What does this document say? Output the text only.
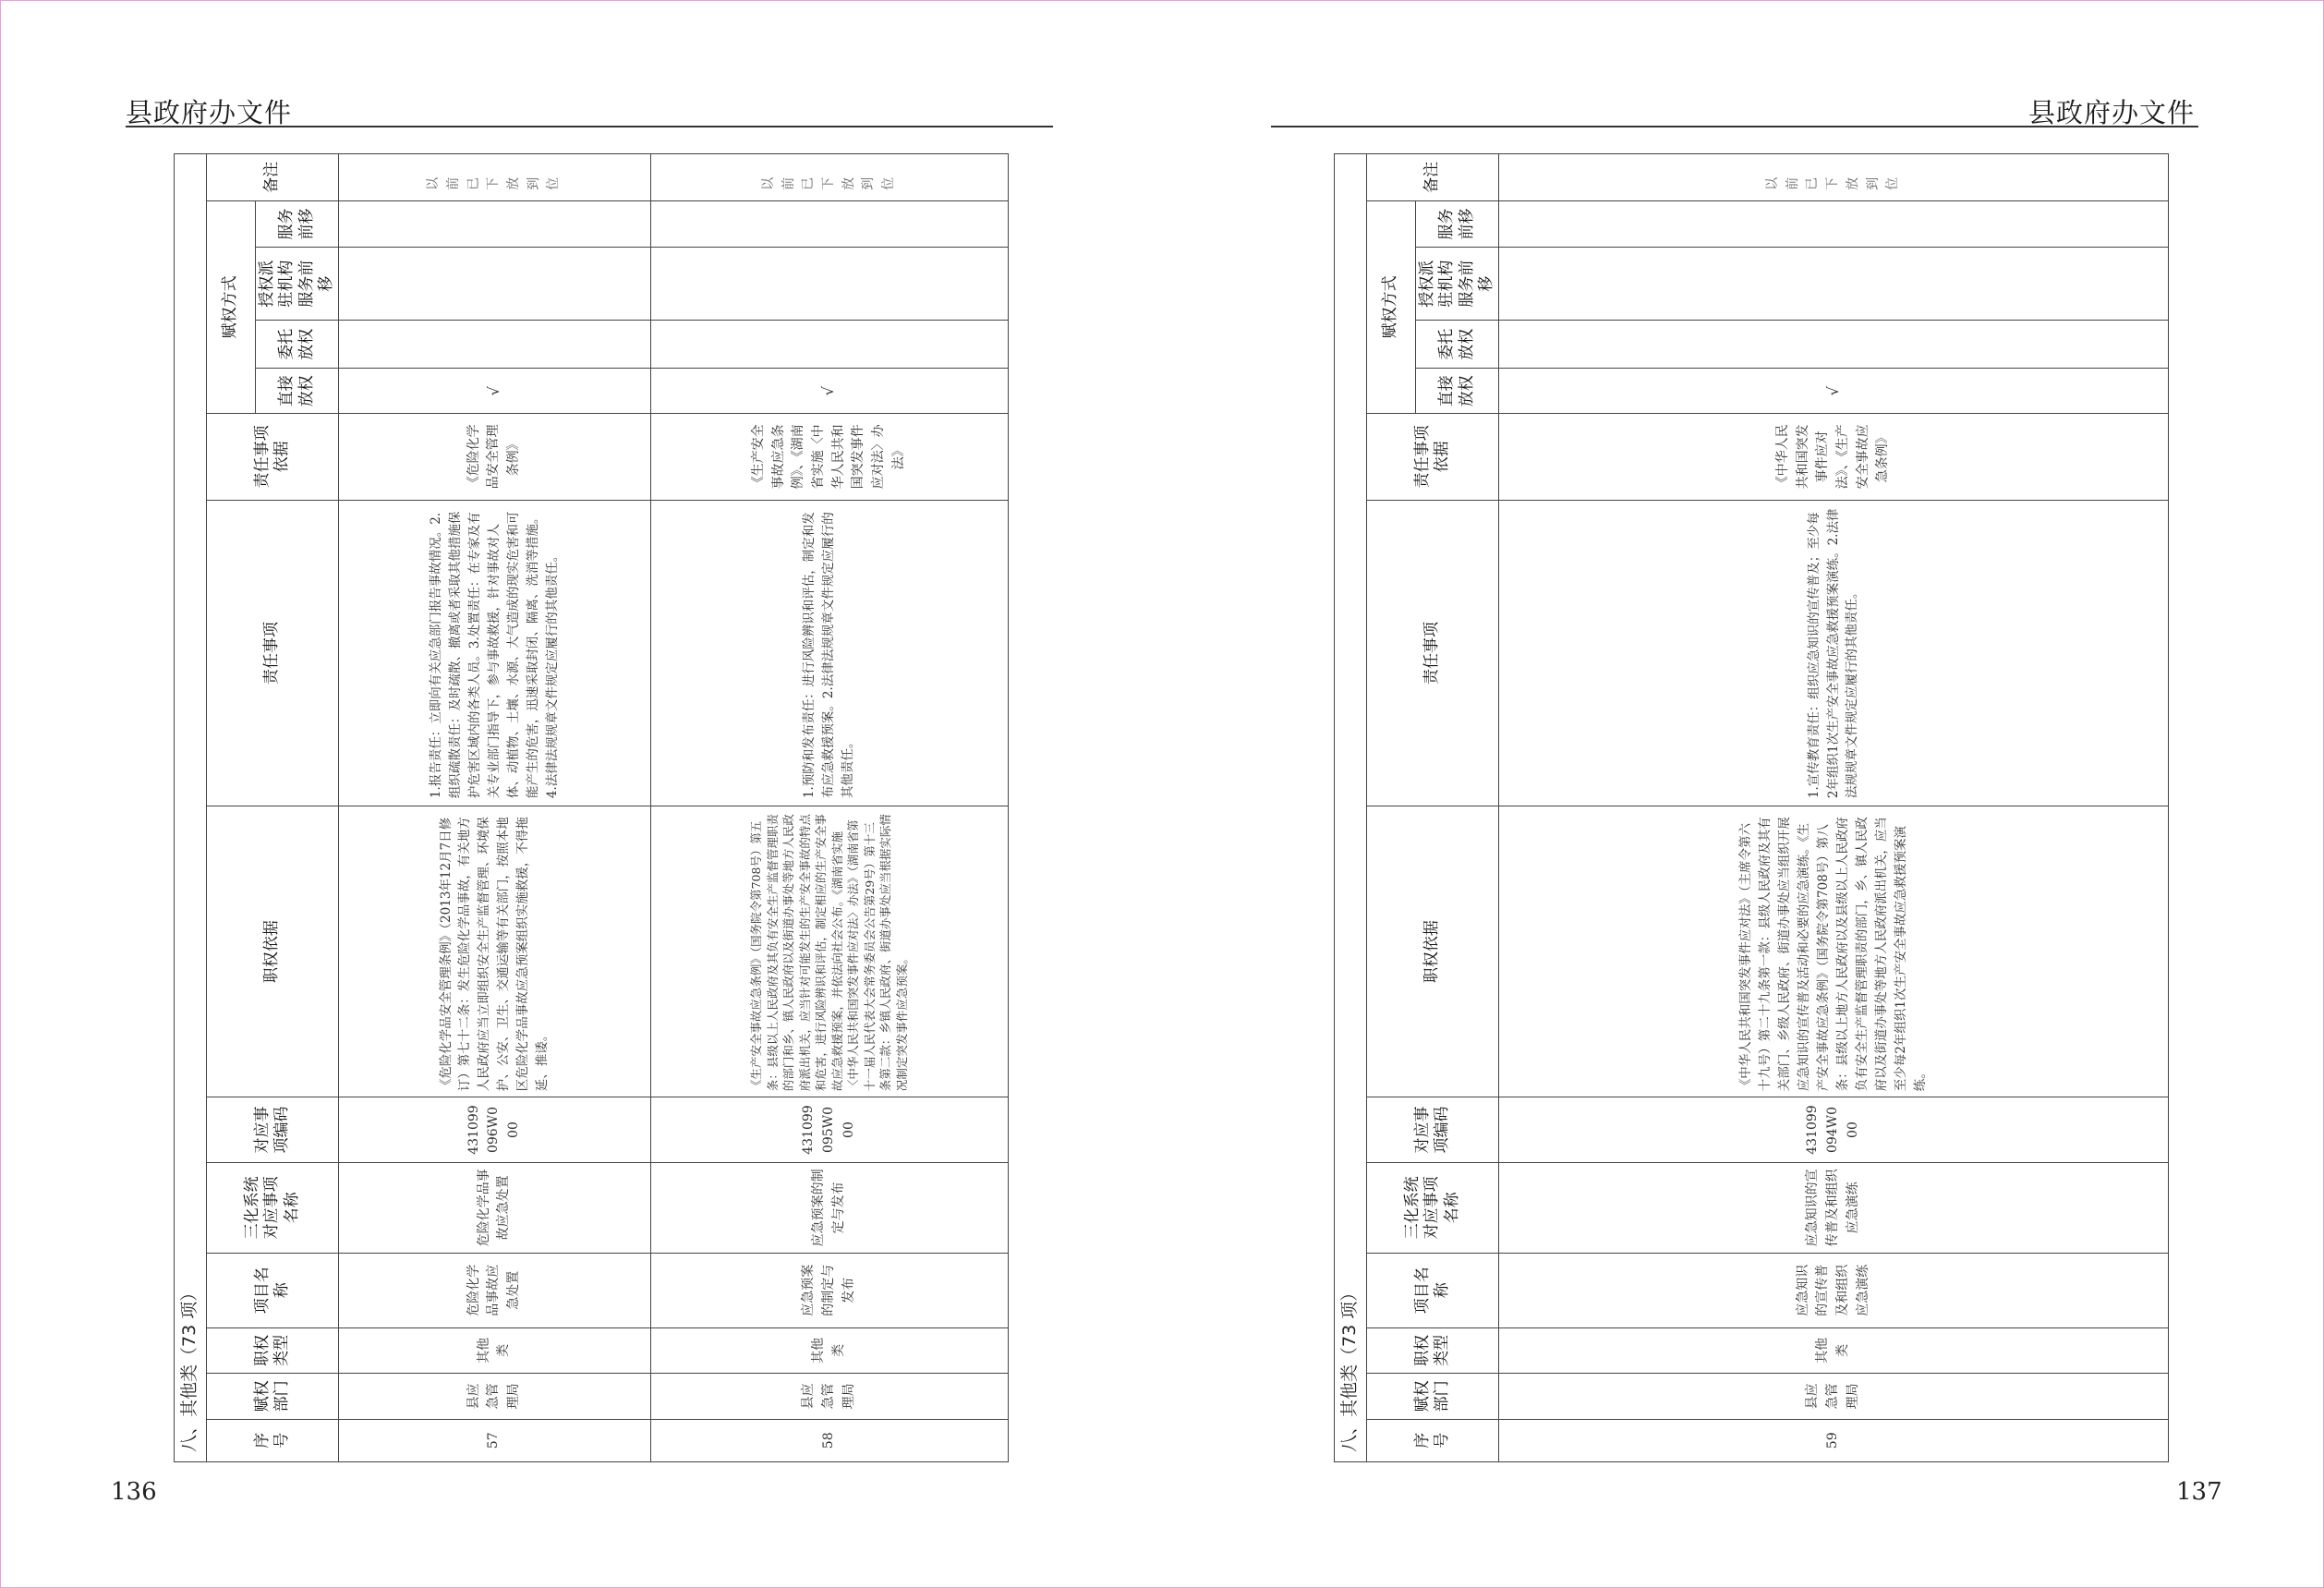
县政府办文件
八、其他类（73 项）													
序号	赋权部门	职权类型	项目名称	三化系统对应事项名称	对应事项编码	职权依据	责任事项	责任事项依据	赋权方式				备注
									直接放权	委托放权	授权派驻机构服务前移	服务前移	
57	县应急管理局	其他类	危险化学品事故应急处置	危险化学品事故应急处置	431099096W000	《危险化学品安全管理条例》（2013年12月7日修订）第七十二条：发生危险化学品事故，有关地方人民政府应当立即组织安全生产监督管理、环境保护、公安、卫生、交通运输等有关部门，按照本地区危险化学品事故应急预案组织实施救援，不得拖延、推诿。	1.报告责任：立即向有关应急部门报告事故情况。2.组织疏散责任：及时疏散、撤离或者采取其他措施保护危害区域内的各类人员。3.处置责任：在专家及有关专业部门指导下，参与事故救援，针对事故对人体、动植物、土壤、水源、大气造成的现实危害和可能产生的危害，迅速采取封闭、隔离、洗消等措施。4.法律法规规章文件规定应履行的其他责任。	《危险化学品安全管理条例》	√				以前已下放到位
58	县应急管理局	其他类	应急预案的制定与发布	应急预案的制定与发布	431099095W000	《生产安全事故应急条例》（国务院令第708号）第五条：县级以上人民政府及其负有安全生产监督管理职责的部门和乡、镇人民政府以及街道办事处等地方人民政府派出机关，应当针对可能发生的生产安全事故的特点和危害，进行风险辨识和评估，制定相应的生产安全事故应急救援预案，并依法向社会公布。《湖南省实施〈中华人民共和国突发事件应对法〉办法》（湖南省第十一届人民代表大会常务委员会公告第29号）第十三条第二款：乡镇人民政府、街道办事处应当根据实际情况制定突发事件应急预案。	1.预防和发布责任：进行风险辨识和评估，制定和发布应急救援预案。2.法律法规规章文件规定应履行的其他责任。	《生产安全事故应急条例》、《湖南省实施〈中华人民共和国突发事件应对法〉办法》	√				以前已下放到位
136
县政府办文件
八、其他类（73 项）													
序号	赋权部门	职权类型	项目名称	三化系统对应事项名称	对应事项编码	职权依据	责任事项	责任事项依据	赋权方式				备注
									直接放权	委托放权	授权派驻机构服务前移	服务前移	
59	县应急管理局	其他类	应急知识的宣传普及和组织应急演练	应急知识的宣传普及和组织应急演练	431099094W000	《中华人民共和国突发事件应对法》（主席令第六十九号）第二十九条第一款：县级人民政府及其有关部门、乡级人民政府、街道办事处应当组织开展应急知识的宣传普及活动和必要的应急演练。《生产安全事故应急条例》（国务院令第708号）第八条：县级以上地方人民政府以及县级以上人民政府负有安全生产监督管理职责的部门，乡、镇人民政府以及街道办事处等地方人民政府派出机关，应当至少每2年组织1次生产安全事故应急救援预案演练。	1.宣传教育责任：组织应急知识的宣传普及；至少每2年组织1次生产安全事故应急救援预案演练。2.法律法规规章文件规定应履行的其他责任。	《中华人民共和国突发事件应对法》、《生产安全事故应急条例》	√				以前已下放到位
137
